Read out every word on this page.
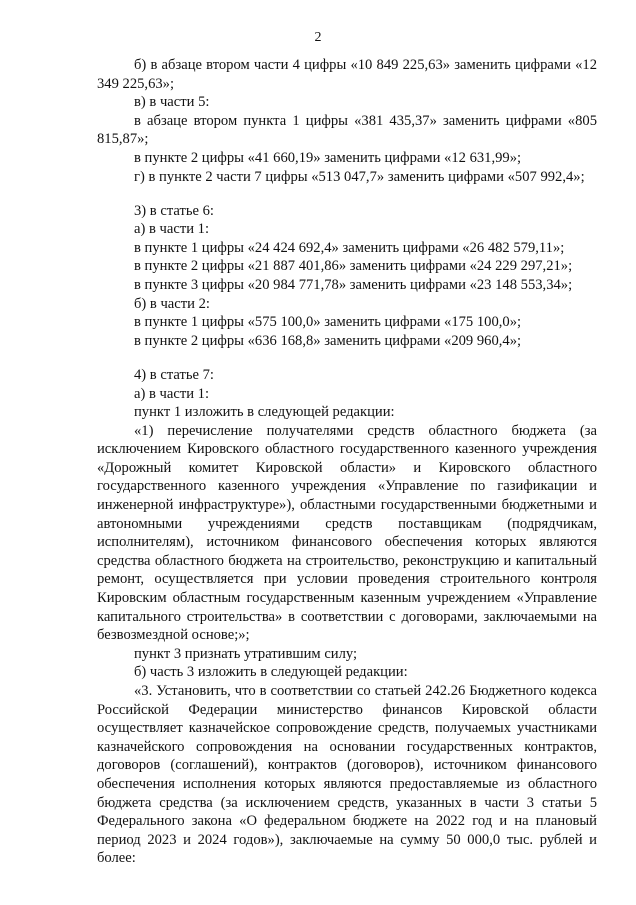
2

б) в абзаце втором части 4 цифры «10 849 225,63» заменить цифрами «12 349 225,63»;

в) в части 5:

в абзаце втором пункта 1 цифры «381 435,37» заменить цифрами «805 815,87»;

в пункте 2 цифры «41 660,19» заменить цифрами «12 631,99»;

г) в пункте 2 части 7 цифры «513 047,7» заменить цифрами «507 992,4»;

3) в статье 6:

а) в части 1:

в пункте 1 цифры «24 424 692,4» заменить цифрами «26 482 579,11»;

в пункте 2 цифры «21 887 401,86» заменить цифрами «24 229 297,21»;

в пункте 3 цифры «20 984 771,78» заменить цифрами «23 148 553,34»;

б) в части 2:

в пункте 1 цифры «575 100,0» заменить цифрами «175 100,0»;

в пункте 2 цифры «636 168,8» заменить цифрами «209 960,4»;

4) в статье 7:

а) в части 1:

пункт 1 изложить в следующей редакции:

«1) перечисление получателями средств областного бюджета (за исключением Кировского областного государственного казенного учреждения «Дорожный комитет Кировской области» и Кировского областного государственного казенного учреждения «Управление по газификации и инженерной инфраструктуре»), областными государственными бюджетными и автономными учреждениями средств поставщикам (подрядчикам, исполнителям), источником финансового обеспечения которых являются средства областного бюджета на строительство, реконструкцию и капитальный ремонт, осуществляется при условии проведения строительного контроля Кировским областным государственным казенным учреждением «Управление капитального строительства» в соответствии с договорами, заключаемыми на безвозмездной основе;»;

пункт 3 признать утратившим силу;

б) часть 3 изложить в следующей редакции:

«3. Установить, что в соответствии со статьей 242.26 Бюджетного кодекса Российской Федерации министерство финансов Кировской области осуществляет казначейское сопровождение средств, получаемых участниками казначейского сопровождения на основании государственных контрактов, договоров (соглашений), контрактов (договоров), источником финансового обеспечения исполнения которых являются предоставляемые из областного бюджета средства (за исключением средств, указанных в части 3 статьи 5 Федерального закона «О федеральном бюджете на 2022 год и на плановый период 2023 и 2024 годов»), заключаемые на сумму 50 000,0 тыс. рублей и более:
